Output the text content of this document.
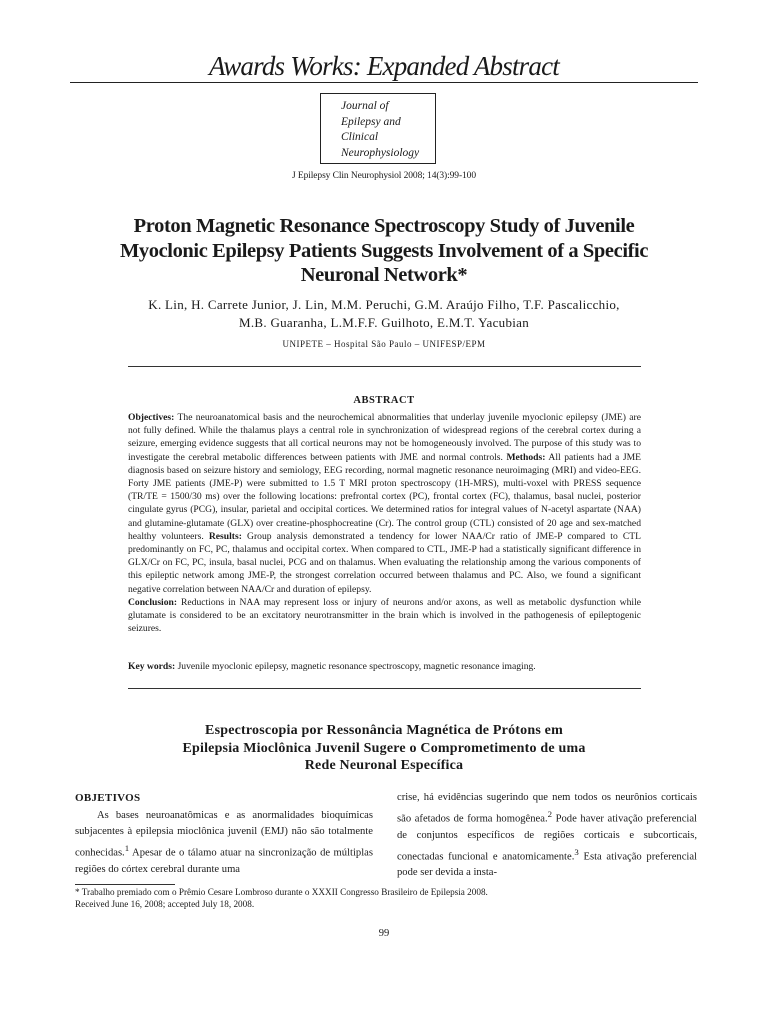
Awards Works: Expanded Abstract
Journal of
Epilepsy and
Clinical
Neurophysiology
J Epilepsy Clin Neurophysiol 2008; 14(3):99-100
Proton Magnetic Resonance Spectroscopy Study of Juvenile Myoclonic Epilepsy Patients Suggests Involvement of a Specific Neuronal Network*
K. Lin, H. Carrete Junior, J. Lin, M.M. Peruchi, G.M. Araújo Filho, T.F. Pascalicchio,
M.B. Guaranha, L.M.F.F. Guilhoto, E.M.T. Yacubian
UNIPETE – Hospital São Paulo – UNIFESP/EPM
ABSTRACT

Objectives: The neuroanatomical basis and the neurochemical abnormalities that underlay juvenile myoclonic epilepsy (JME) are not fully defined. While the thalamus plays a central role in synchronization of widespread regions of the cerebral cortex during a seizure, emerging evidence suggests that all cortical neurons may not be homogeneously involved. The purpose of this study was to investigate the cerebral metabolic differences between patients with JME and normal controls. Methods: All patients had a JME diagnosis based on seizure history and semiology, EEG recording, normal magnetic resonance neuroimaging (MRI) and video-EEG. Forty JME patients (JME-P) were submitted to 1.5 T MRI proton spectroscopy (1H-MRS), multi-voxel with PRESS sequence (TR/TE = 1500/30 ms) over the following locations: prefrontal cortex (PC), frontal cortex (FC), thalamus, basal nuclei, posterior cingulate gyrus (PCG), insular, parietal and occipital cortices. We determined ratios for integral values of N-acetyl aspartate (NAA) and glutamine-glutamate (GLX) over creatine-phosphocreatine (Cr). The control group (CTL) consisted of 20 age and sex-matched healthy volunteers. Results: Group analysis demonstrated a tendency for lower NAA/Cr ratio of JME-P compared to CTL predominantly on FC, PC, thalamus and occipital cortex. When compared to CTL, JME-P had a statistically significant difference in GLX/Cr on FC, PC, insula, basal nuclei, PCG and on thalamus. When evaluating the relationship among the various components of this epileptic network among JME-P, the strongest correlation occurred between thalamus and PC. Also, we found a significant negative correlation between NAA/Cr and duration of epilepsy.
Conclusion: Reductions in NAA may represent loss or injury of neurons and/or axons, as well as metabolic dysfunction while glutamate is considered to be an excitatory neurotransmitter in the brain which is involved in the pathogenesis of epileptogenic seizures.

Key words: Juvenile myoclonic epilepsy, magnetic resonance spectroscopy, magnetic resonance imaging.
Espectroscopia por Ressonância Magnética de Prótons em
Epilepsia Mioclônica Juvenil Sugere o Comprometimento de uma
Rede Neuronal Específica
OBJETIVOS

As bases neuroanatômicas e as anormalidades bioquímicas subjacentes à epilepsia mioclônica juvenil (EMJ) não são totalmente conhecidas.$^1$ Apesar de o tálamo atuar na sincronização de múltiplas regiões do córtex cerebral durante uma

crise, há evidências sugerindo que nem todos os neurônios corticais são afetados de forma homogênea.$^2$ Pode haver ativação preferencial de conjuntos específicos de regiões corticais e subcorticais, conectadas funcional e anatomicamente.$^3$ Esta ativação preferencial pode ser devida a insta-

* Trabalho premiado com o Prêmio Cesare Lombroso durante o XXXII Congresso Brasileiro de Epilepsia 2008.
Received June 16, 2008; accepted July 18, 2008.
99
